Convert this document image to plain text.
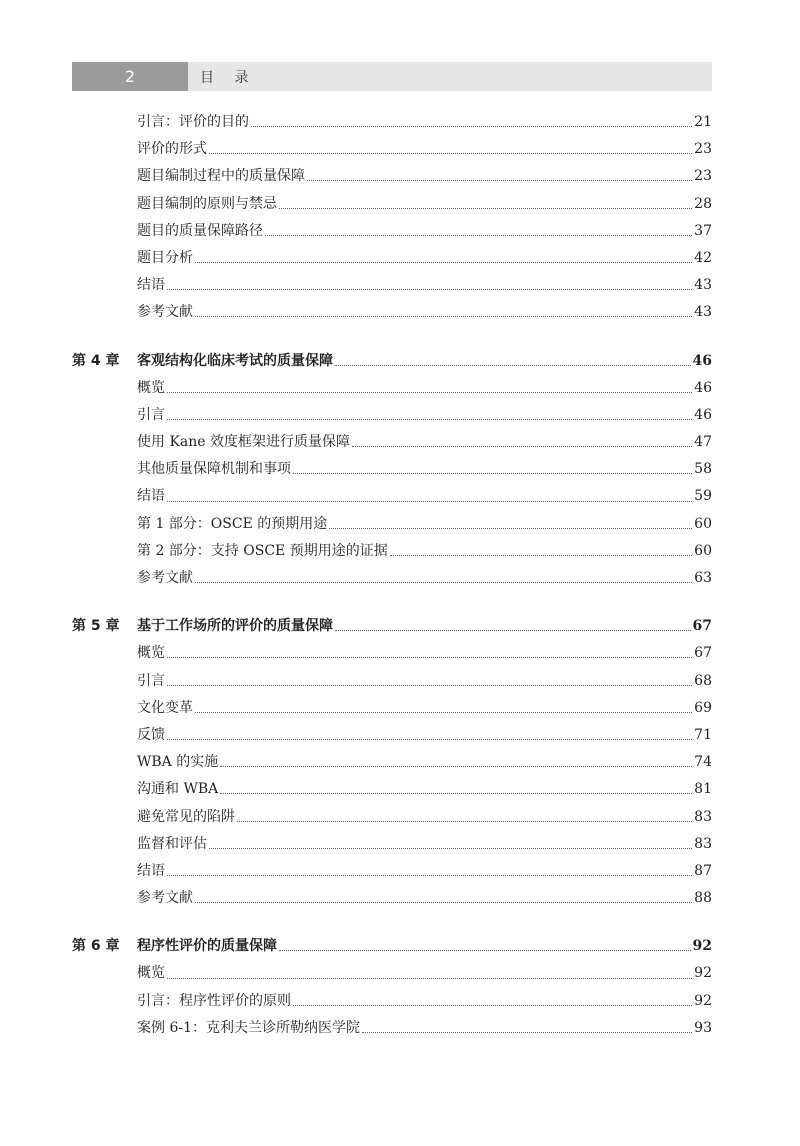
2	目 录
引言：评价的目的	21
评价的形式	23
题目编制过程中的质量保障	23
题目编制的原则与禁忌	28
题目的质量保障路径	37
题目分析	42
结语	43
参考文献	43
第 4 章	客观结构化临床考试的质量保障	46
概览	46
引言	46
使用 Kane 效度框架进行质量保障	47
其他质量保障机制和事项	58
结语	59
第 1 部分：OSCE 的预期用途	60
第 2 部分：支持 OSCE 预期用途的证据	60
参考文献	63
第 5 章	基于工作场所的评价的质量保障	67
概览	67
引言	68
文化变革	69
反馈	71
WBA 的实施	74
沟通和 WBA	81
避免常见的陷阱	83
监督和评估	83
结语	87
参考文献	88
第 6 章	程序性评价的质量保障	92
概览	92
引言：程序性评价的原则	92
案例 6-1：克利夫兰诊所勒纳医学院	93
